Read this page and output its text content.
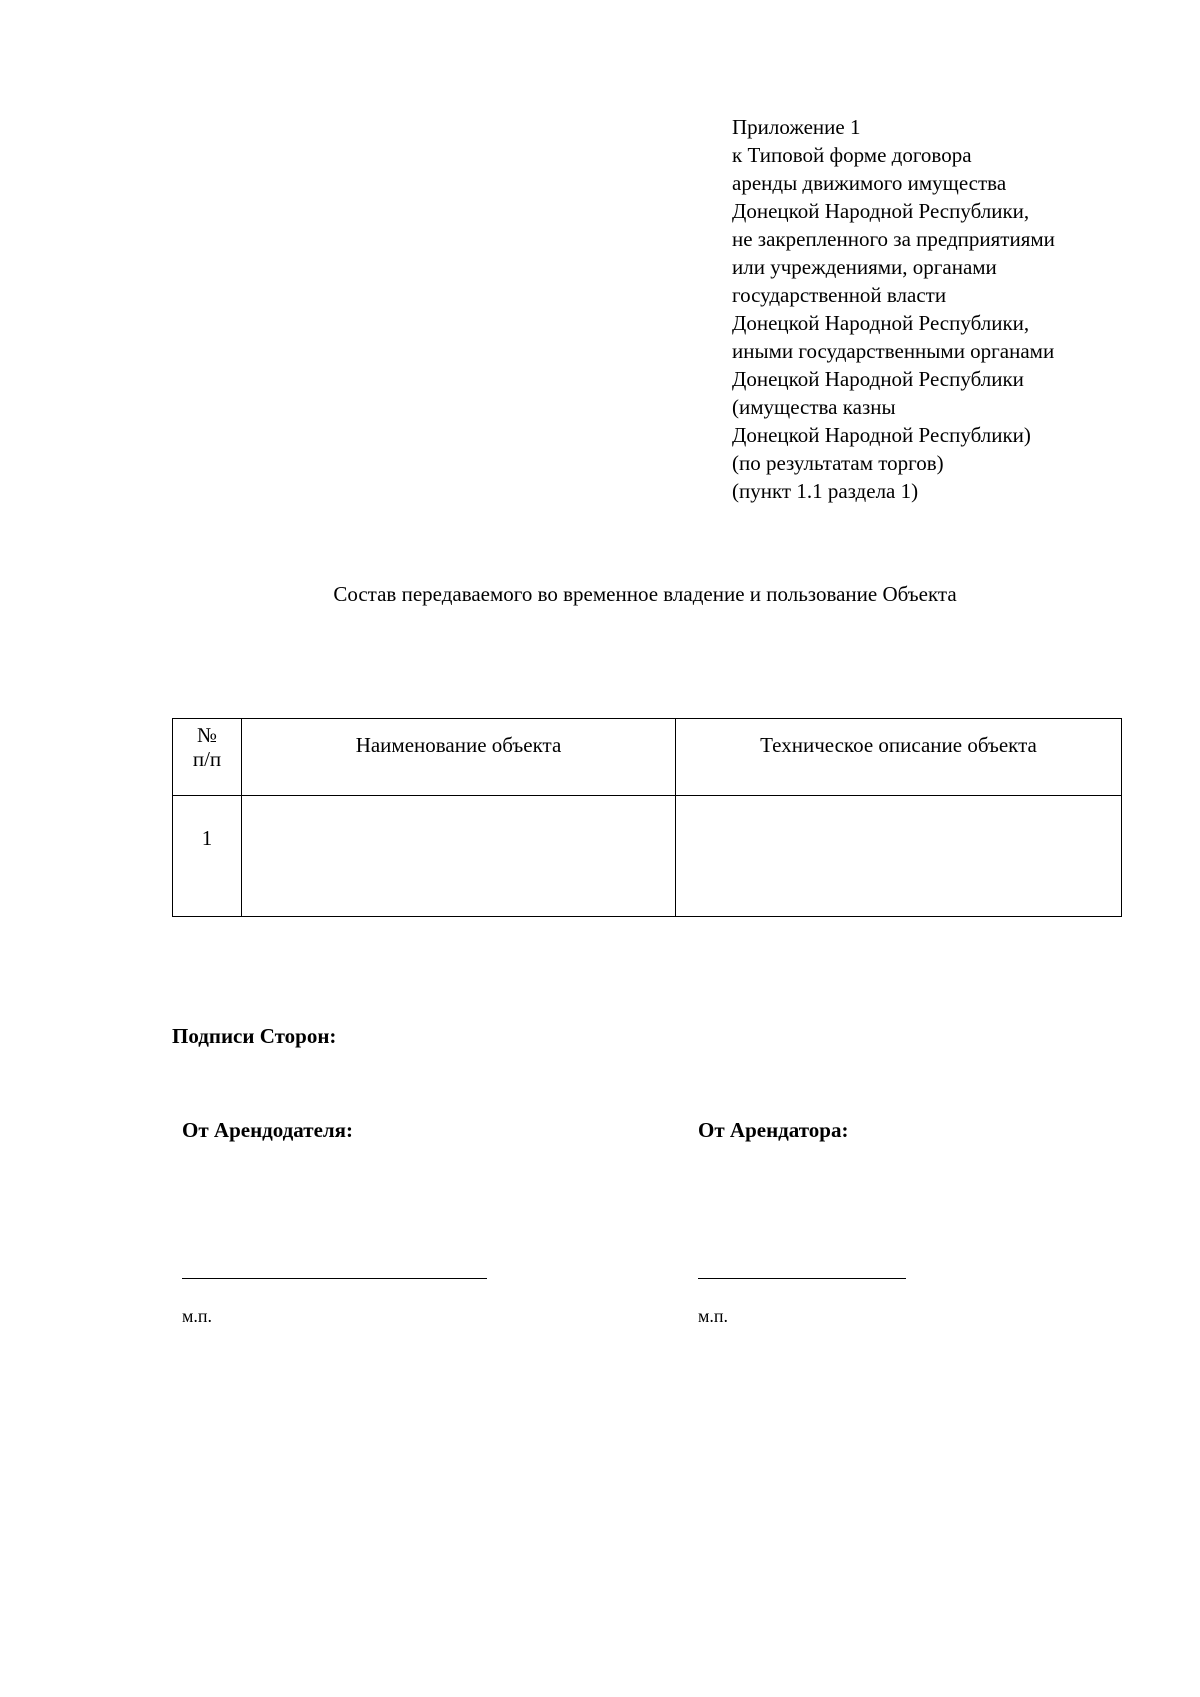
Приложение 1
к Типовой форме договора
аренды движимого имущества
Донецкой Народной Республики,
не закрепленного за предприятиями
или учреждениями, органами
государственной власти
Донецкой Народной Республики,
иными государственными органами
Донецкой Народной Республики
(имущества казны
Донецкой Народной Республики)
(по результатам торгов)
(пункт 1.1 раздела 1)
Состав передаваемого во временное владение и пользование Объекта
№
п/п	Наименование объекта	Техническое описание объекта
1		
Подписи Сторон:
От Арендодателя:	От Арендатора:
м.п.	м.п.
